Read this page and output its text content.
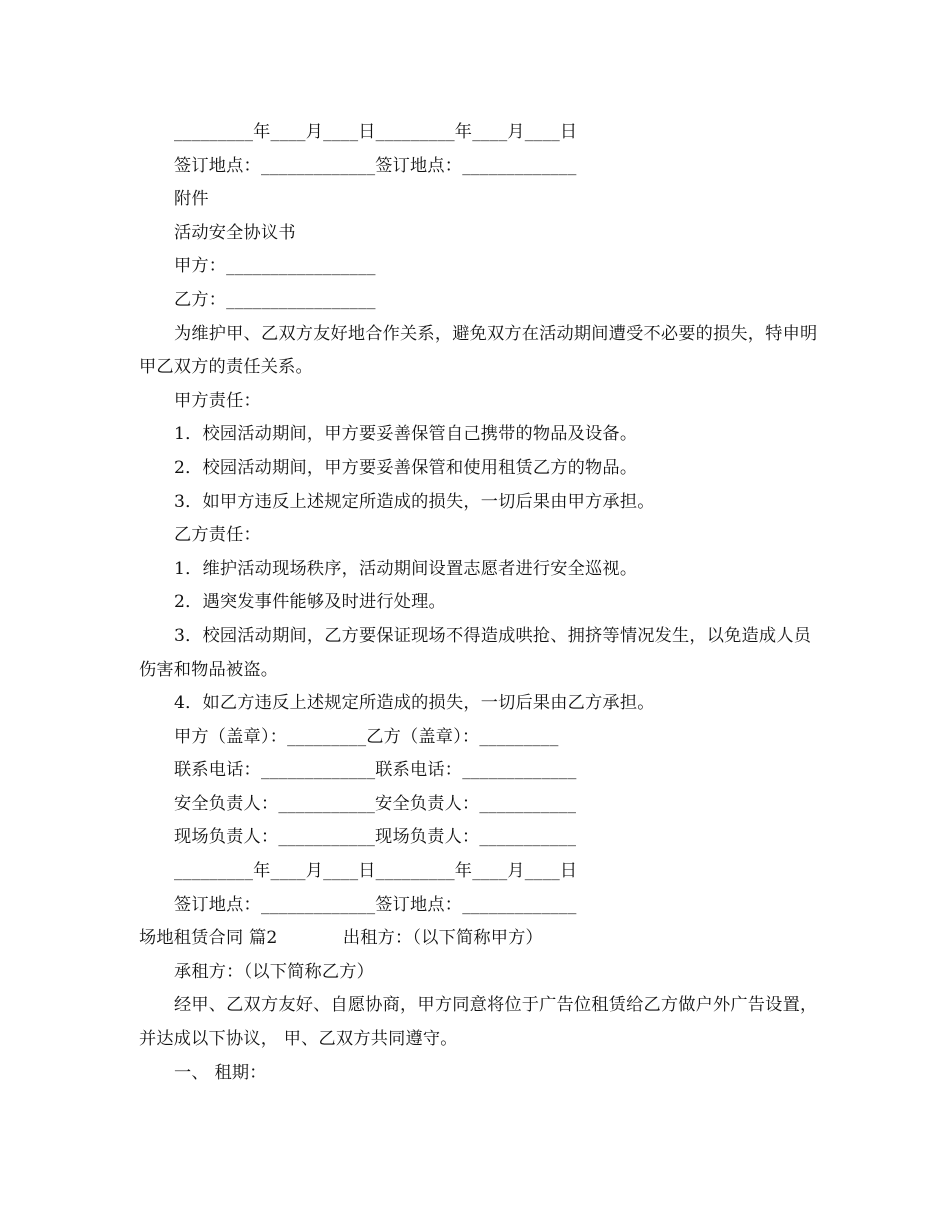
_________年____月____日_________年____月____日

签订地点：_____________签订地点：_____________

附件

活动安全协议书

甲方：_________________

乙方：_________________

为维护甲、乙双方友好地合作关系，避免双方在活动期间遭受不必要的损失，特申明甲乙双方的责任关系。

甲方责任：

1．校园活动期间，甲方要妥善保管自己携带的物品及设备。

2．校园活动期间，甲方要妥善保管和使用租赁乙方的物品。

3．如甲方违反上述规定所造成的损失，一切后果由甲方承担。

乙方责任：

1．维护活动现场秩序，活动期间设置志愿者进行安全巡视。

2．遇突发事件能够及时进行处理。

3．校园活动期间，乙方要保证现场不得造成哄抢、拥挤等情况发生，以免造成人员伤害和物品被盗。

4．如乙方违反上述规定所造成的损失，一切后果由乙方承担。

甲方（盖章）：_________乙方（盖章）：_________

联系电话：_____________联系电话：_____________

安全负责人：___________安全负责人：___________

现场负责人：___________现场负责人：___________

_________年____月____日_________年____月____日

签订地点：_____________签订地点：_____________

场地租赁合同 篇2	出租方：（以下简称甲方）

承租方：（以下简称乙方）

经甲、乙双方友好、自愿协商，甲方同意将位于广告位租赁给乙方做户外广告设置，并达成以下协议， 甲、乙双方共同遵守。

一、 租期：
